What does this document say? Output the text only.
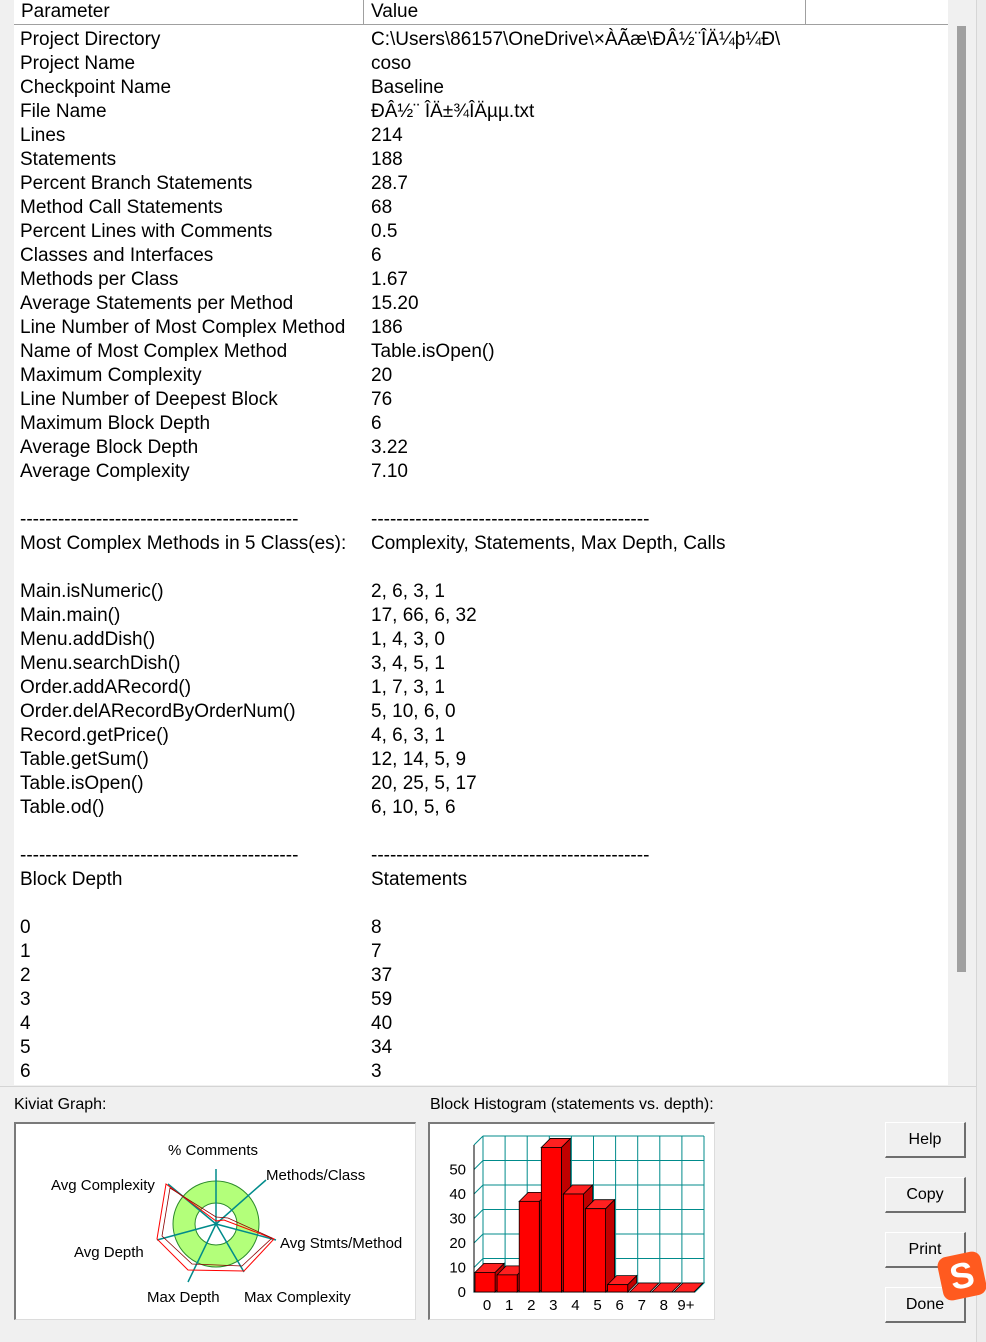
Parameter	Value
Project Directory	C:\Users\86157\OneDrive\×ÀÃæ\ÐÂ½¨ÎÄ¼þ¼Ð\
Project Name	coso
Checkpoint Name	Baseline
File Name	ÐÂ½¨ ÎÄ±¾ÎÄµµ.txt
Lines	214
Statements	188
Percent Branch Statements	28.7
Method Call Statements	68
Percent Lines with Comments	0.5
Classes and Interfaces	6
Methods per Class	1.67
Average Statements per Method	15.20
Line Number of Most Complex Method 186
Name of Most Complex Method	Table.isOpen()
Maximum Complexity	20
Line Number of Deepest Block	76
Maximum Block Depth	6
Average Block Depth	3.22
Average Complexity	7.10
--------------------------------------------	--------------------------------------------
Most Complex Methods in 5 Class(es): Complexity, Statements, Max Depth, Calls
Main.isNumeric()	2, 6, 3, 1
Main.main()	17, 66, 6, 32
Menu.addDish()	1, 4, 3, 0
Menu.searchDish()	3, 4, 5, 1
Order.addARecord()	1, 7, 3, 1
Order.delARecordByOrderNum()	5, 10, 6, 0
Record.getPrice()	4, 6, 3, 1
Table.getSum()	12, 14, 5, 9
Table.isOpen()	20, 25, 5, 17
Table.od()	6, 10, 5, 6
--------------------------------------------	--------------------------------------------
Block Depth	Statements
0	8
1	7
2	37
3	59
4	40
5	34
6	3
Kiviat Graph:
% Comments
Methods/Class
Avg Stmts/Method
Max Complexity
Max Depth
Avg Depth
Avg Complexity
Block Histogram (statements vs. depth):
0
10
20
30
40
50
0 1 2 3 4 5 6 7 8 9+
Help
Copy
Print
Done
S
